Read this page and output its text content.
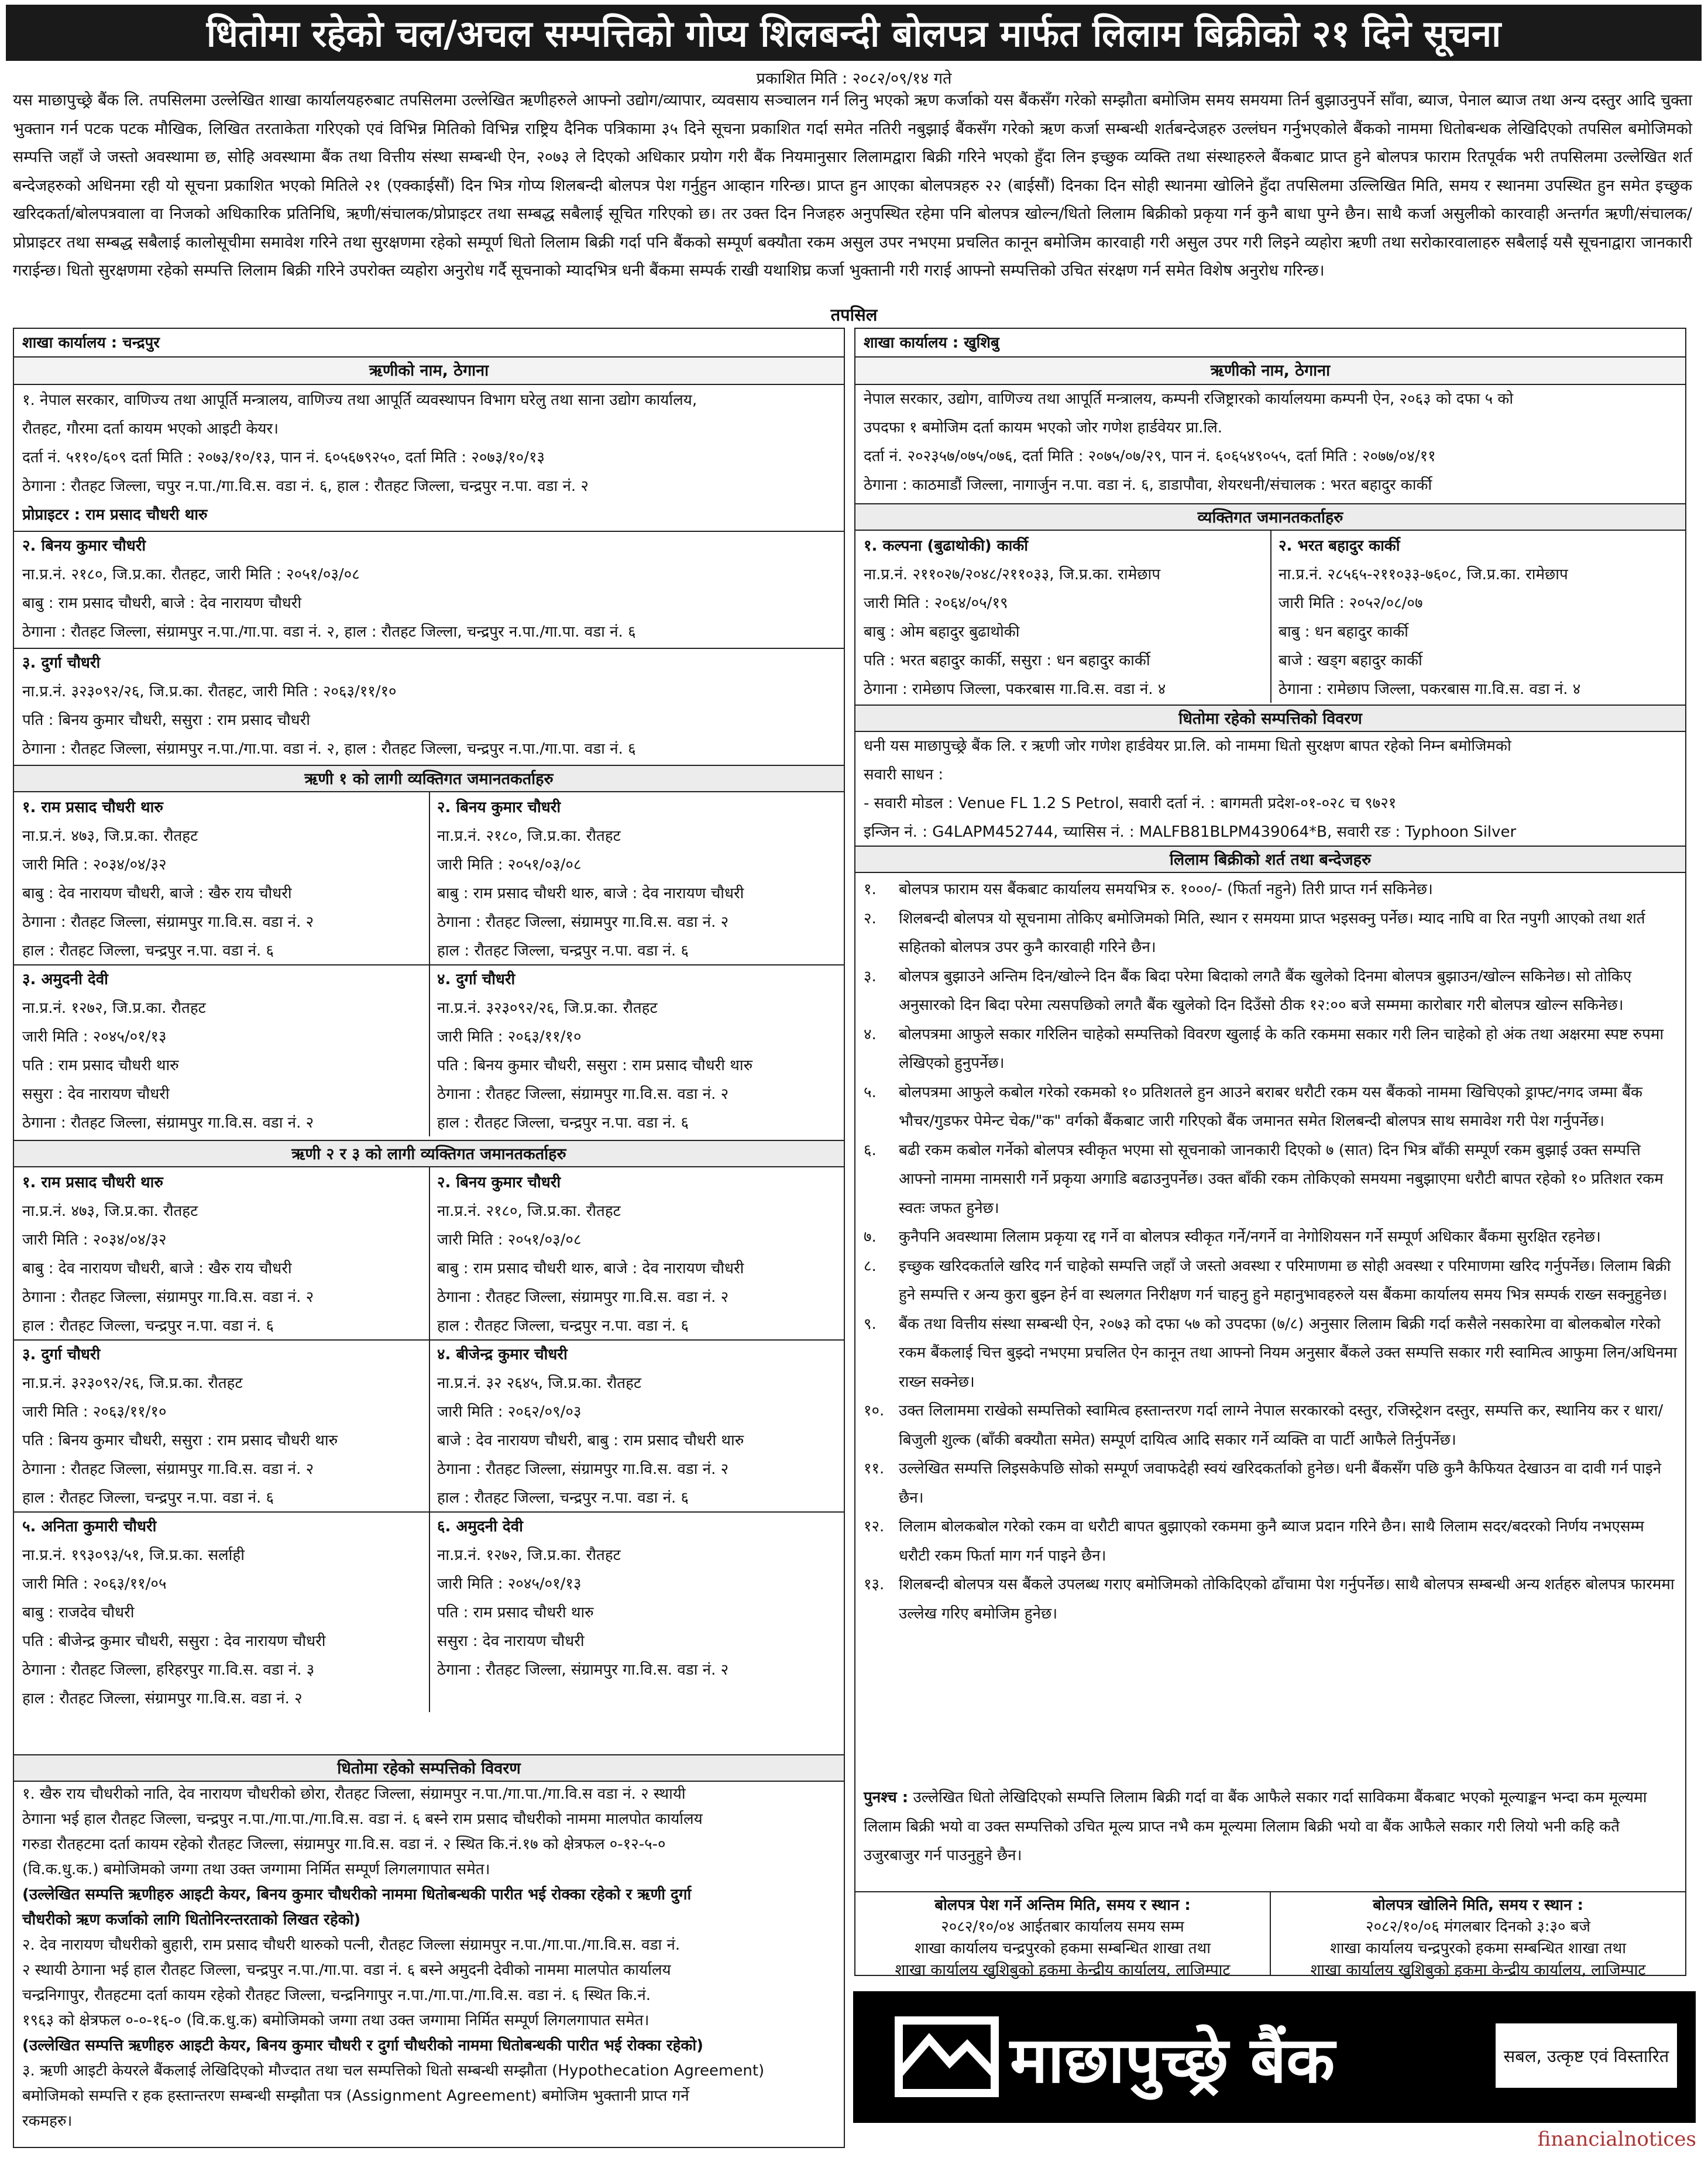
धितोमा रहेको चल/अचल सम्पत्तिको गोप्य शिलबन्दी बोलपत्र मार्फत लिलाम बिक्रीको २१ दिने सूचना
प्रकाशित मिति : २०८२/०९/१४ गते

यस माछापुच्छ्रे बैंक लि. तपसिलमा उल्लेखित शाखा कार्यालयहरुबाट तपसिलमा उल्लेखित ऋणीहरुले आफ्नो उद्योग/व्यापार, व्यवसाय सञ्चालन गर्न लिनु भएको ऋण कर्जाको यस बैंकसँग गरेको सम्झौता बमोजिम समय समयमा तिर्न बुझाउनुपर्ने साँवा, ब्याज, पेनाल ब्याज तथा अन्य दस्तुर आदि चुक्ता भुक्तान गर्न पटक पटक मौखिक, लिखित तरताकेता गरिएको एवं विभिन्न मितिको विभिन्न राष्ट्रिय दैनिक पत्रिकामा ३५ दिने सूचना प्रकाशित गर्दा समेत नतिरी नबुझाई बैंकसँग गरेको ऋण कर्जा सम्बन्धी शर्तबन्देजहरु उल्लंघन गर्नुभएकोले बैंकको नाममा धितोबन्धक लेखिदिएको तपसिल बमोजिमको सम्पत्ति जहाँ जे जस्तो अवस्थामा छ, सोहि अवस्थामा बैंक तथा वित्तीय संस्था सम्बन्धी ऐन, २०७३ ले दिएको अधिकार प्रयोग गरी बैंक नियमानुसार लिलामद्वारा बिक्री गरिने भएको हुँदा लिन इच्छुक व्यक्ति तथा संस्थाहरुले बैंकबाट प्राप्त हुने बोलपत्र फाराम रितपूर्वक भरी तपसिलमा उल्लेखित शर्त बन्देजहरुको अधिनमा रही यो सूचना प्रकाशित भएको मितिले २१ (एक्काईसौं) दिन भित्र गोप्य शिलबन्दी बोलपत्र पेश गर्नुहुन आव्हान गरिन्छ। प्राप्त हुन आएका बोलपत्रहरु २२ (बाईसौं) दिनका दिन सोही स्थानमा खोलिने हुँदा तपसिलमा उल्लिखित मिति, समय र स्थानमा उपस्थित हुन समेत इच्छुक खरिदकर्ता/बोलपत्रवाला वा निजको अधिकारिक प्रतिनिधि, ऋणी/संचालक/प्रोप्राइटर तथा सम्बद्ध सबैलाई सूचित गरिएको छ। तर उक्त दिन निजहरु अनुपस्थित रहेमा पनि बोलपत्र खोल्न/धितो लिलाम बिक्रीको प्रकृया गर्न कुनै बाधा पुग्ने छैन। साथै कर्जा असुलीको कारवाही अन्तर्गत ऋणी/संचालक/प्रोप्राइटर तथा सम्बद्ध सबैलाई कालोसूचीमा समावेश गरिने तथा सुरक्षणमा रहेको सम्पूर्ण धितो लिलाम बिक्री गर्दा पनि बैंकको सम्पूर्ण बक्यौता रकम असुल उपर नभएमा प्रचलित कानून बमोजिम कारवाही गरी असुल उपर गरी लिइने व्यहोरा ऋणी तथा सरोकारवालाहरु सबैलाई यसै सूचनाद्वारा जानकारी गराईन्छ। धितो सुरक्षणमा रहेको सम्पत्ति लिलाम बिक्री गरिने उपरोक्त व्यहोरा अनुरोध गर्दै सूचनाको म्यादभित्र धनी बैंकमा सम्पर्क राखी यथाशिघ्र कर्जा भुक्तानी गरी गराई आफ्नो सम्पत्तिको उचित संरक्षण गर्न समेत विशेष अनुरोध गरिन्छ।

तपसिल
शाखा कार्यालय : चन्द्रपुर
ऋणीको नाम, ठेगाना
१. नेपाल सरकार, वाणिज्य तथा आपूर्ति मन्त्रालय, वाणिज्य तथा आपूर्ति व्यवस्थापन विभाग घरेलु तथा साना उद्योग कार्यालय,
रौतहट, गौरमा दर्ता कायम भएको आइटी केयर।
दर्ता नं. ५११०/६०९ दर्ता मिति : २०७३/१०/१३, पान नं. ६०५६७९२५०, दर्ता मिति : २०७३/१०/१३
ठेगाना : रौतहट जिल्ला, चपुर न.पा./गा.वि.स. वडा नं. ६, हाल : रौतहट जिल्ला, चन्द्रपुर न.पा. वडा नं. २
प्रोप्राइटर : राम प्रसाद चौधरी थारु
२. बिनय कुमार चौधरी
ना.प्र.नं. २१८०, जि.प्र.का. रौतहट, जारी मिति : २०५१/०३/०८
बाबु : राम प्रसाद चौधरी, बाजे : देव नारायण चौधरी
ठेगाना : रौतहट जिल्ला, संग्रामपुर न.पा./गा.पा. वडा नं. २, हाल : रौतहट जिल्ला, चन्द्रपुर न.पा./गा.पा. वडा नं. ६
३. दुर्गा चौधरी
ना.प्र.नं. ३२३०९२/२६, जि.प्र.का. रौतहट, जारी मिति : २०६३/११/१०
पति : बिनय कुमार चौधरी, ससुरा : राम प्रसाद चौधरी
ठेगाना : रौतहट जिल्ला, संग्रामपुर न.पा./गा.पा. वडा नं. २, हाल : रौतहट जिल्ला, चन्द्रपुर न.पा./गा.पा. वडा नं. ६
ऋणी १ को लागी व्यक्तिगत जमानतकर्ताहरु
१. राम प्रसाद चौधरी थारु
ना.प्र.नं. ४७३, जि.प्र.का. रौतहट
जारी मिति : २०३४/०४/३२
बाबु : देव नारायण चौधरी, बाजे : खैरु राय चौधरी
ठेगाना : रौतहट जिल्ला, संग्रामपुर गा.वि.स. वडा नं. २
हाल : रौतहट जिल्ला, चन्द्रपुर न.पा. वडा नं. ६
२. बिनय कुमार चौधरी
ना.प्र.नं. २१८०, जि.प्र.का. रौतहट
जारी मिति : २०५१/०३/०८
बाबु : राम प्रसाद चौधरी थारु, बाजे : देव नारायण चौधरी
ठेगाना : रौतहट जिल्ला, संग्रामपुर गा.वि.स. वडा नं. २
हाल : रौतहट जिल्ला, चन्द्रपुर न.पा. वडा नं. ६
३. अमुदनी देवी
ना.प्र.नं. १२७२, जि.प्र.का. रौतहट
जारी मिति : २०४५/०१/१३
पति : राम प्रसाद चौधरी थारु
ससुरा : देव नारायण चौधरी
ठेगाना : रौतहट जिल्ला, संग्रामपुर गा.वि.स. वडा नं. २
४. दुर्गा चौधरी
ना.प्र.नं. ३२३०९२/२६, जि.प्र.का. रौतहट
जारी मिति : २०६३/११/१०
पति : बिनय कुमार चौधरी, ससुरा : राम प्रसाद चौधरी थारु
ठेगाना : रौतहट जिल्ला, संग्रामपुर गा.वि.स. वडा नं. २
हाल : रौतहट जिल्ला, चन्द्रपुर न.पा. वडा नं. ६
ऋणी २ र ३ को लागी व्यक्तिगत जमानतकर्ताहरु
१. राम प्रसाद चौधरी थारु
ना.प्र.नं. ४७३, जि.प्र.का. रौतहट
जारी मिति : २०३४/०४/३२
बाबु : देव नारायण चौधरी, बाजे : खैरु राय चौधरी
ठेगाना : रौतहट जिल्ला, संग्रामपुर गा.वि.स. वडा नं. २
हाल : रौतहट जिल्ला, चन्द्रपुर न.पा. वडा नं. ६
२. बिनय कुमार चौधरी
ना.प्र.नं. २१८०, जि.प्र.का. रौतहट
जारी मिति : २०५१/०३/०८
बाबु : राम प्रसाद चौधरी थारु, बाजे : देव नारायण चौधरी
ठेगाना : रौतहट जिल्ला, संग्रामपुर गा.वि.स. वडा नं. २
हाल : रौतहट जिल्ला, चन्द्रपुर न.पा. वडा नं. ६
३. दुर्गा चौधरी
ना.प्र.नं. ३२३०९२/२६, जि.प्र.का. रौतहट
जारी मिति : २०६३/११/१०
पति : बिनय कुमार चौधरी, ससुरा : राम प्रसाद चौधरी थारु
ठेगाना : रौतहट जिल्ला, संग्रामपुर गा.वि.स. वडा नं. २
हाल : रौतहट जिल्ला, चन्द्रपुर न.पा. वडा नं. ६
४. बीजेन्द्र कुमार चौधरी
ना.प्र.नं. ३२ २६४५, जि.प्र.का. रौतहट
जारी मिति : २०६२/०९/०३
बाजे : देव नारायण चौधरी, बाबु : राम प्रसाद चौधरी थारु
ठेगाना : रौतहट जिल्ला, संग्रामपुर गा.वि.स. वडा नं. २
हाल : रौतहट जिल्ला, चन्द्रपुर न.पा. वडा नं. ६
५. अनिता कुमारी चौधरी
ना.प्र.नं. १९३०९३/५१, जि.प्र.का. सर्लाही
जारी मिति : २०६३/११/०५
बाबु : राजदेव चौधरी
पति : बीजेन्द्र कुमार चौधरी, ससुरा : देव नारायण चौधरी
ठेगाना : रौतहट जिल्ला, हरिहरपुर गा.वि.स. वडा नं. ३
हाल : रौतहट जिल्ला, संग्रामपुर गा.वि.स. वडा नं. २
६. अमुदनी देवी
ना.प्र.नं. १२७२, जि.प्र.का. रौतहट
जारी मिति : २०४५/०१/१३
पति : राम प्रसाद चौधरी थारु
ससुरा : देव नारायण चौधरी
ठेगाना : रौतहट जिल्ला, संग्रामपुर गा.वि.स. वडा नं. २
धितोमा रहेको सम्पत्तिको विवरण
१. खैरु राय चौधरीको नाति, देव नारायण चौधरीको छोरा, रौतहट जिल्ला, संग्रामपुर न.पा./गा.पा./गा.वि.स वडा नं. २ स्थायी
ठेगाना भई हाल रौतहट जिल्ला, चन्द्रपुर न.पा./गा.पा./गा.वि.स. वडा नं. ६ बस्ने राम प्रसाद चौधरीको नाममा मालपोत कार्यालय
गरुडा रौतहटमा दर्ता कायम रहेको रौतहट जिल्ला, संग्रामपुर गा.वि.स. वडा नं. २ स्थित कि.नं.१७ को क्षेत्रफल ०-१२-५-०
(वि.क.धु.क.) बमोजिमको जग्गा तथा उक्त जग्गामा निर्मित सम्पूर्ण लिगलगापात समेत।
(उल्लेखित सम्पत्ति ऋणीहरु आइटी केयर, बिनय कुमार चौधरीको नाममा धितोबन्धकी पारीत भई रोक्का रहेको र ऋणी दुर्गा
चौधरीको ऋण कर्जाको लागि धितोनिरन्तरताको लिखत रहेको)
२. देव नारायण चौधरीको बुहारी, राम प्रसाद चौधरी थारुको पत्नी, रौतहट जिल्ला संग्रामपुर न.पा./गा.पा./गा.वि.स. वडा नं.
२ स्थायी ठेगाना भई हाल रौतहट जिल्ला, चन्द्रपुर न.पा./गा.पा. वडा नं. ६ बस्ने अमुदनी देवीको नाममा मालपोत कार्यालय
चन्द्रनिगापुर, रौतहटमा दर्ता कायम रहेको रौतहट जिल्ला, चन्द्रनिगापुर न.पा./गा.पा./गा.वि.स. वडा नं. ६ स्थित कि.नं.
१९६३ को क्षेत्रफल ०-०-१६-० (वि.क.धु.क) बमोजिमको जग्गा तथा उक्त जग्गामा निर्मित सम्पूर्ण लिगलगापात समेत।
(उल्लेखित सम्पत्ति ऋणीहरु आइटी केयर, बिनय कुमार चौधरी र दुर्गा चौधरीको नाममा धितोबन्धकी पारीत भई रोक्का रहेको)
३. ऋणी आइटी केयरले बैंकलाई लेखिदिएको मौज्दात तथा चल सम्पत्तिको धितो सम्बन्धी सम्झौता (Hypothecation Agreement)
बमोजिमको सम्पत्ति र हक हस्तान्तरण सम्बन्धी सम्झौता पत्र (Assignment Agreement) बमोजिम भुक्तानी प्राप्त गर्ने
रकमहरु।
शाखा कार्यालय : खुशिबु
ऋणीको नाम, ठेगाना
नेपाल सरकार, उद्योग, वाणिज्य तथा आपूर्ति मन्त्रालय, कम्पनी रजिष्ट्रारको कार्यालयमा कम्पनी ऐन, २०६३ को दफा ५ को
उपदफा १ बमोजिम दर्ता कायम भएको जोर गणेश हार्डवेयर प्रा.लि.
दर्ता नं. २०२३५७/०७५/०७६, दर्ता मिति : २०७५/०७/२९, पान नं. ६०६५४९०५५, दर्ता मिति : २०७७/०४/११
ठेगाना : काठमाडौं जिल्ला, नागार्जुन न.पा. वडा नं. ६, डाडापौवा, शेयरधनी/संचालक : भरत बहादुर कार्की
व्यक्तिगत जमानतकर्ताहरु
१. कल्पना (बुढाथोकी) कार्की
ना.प्र.नं. २११०२७/२०४८/२११०३३, जि.प्र.का. रामेछाप
जारी मिति : २०६४/०५/१९
बाबु : ओम बहादुर बुढाथोकी
पति : भरत बहादुर कार्की, ससुरा : धन बहादुर कार्की
ठेगाना : रामेछाप जिल्ला, पकरबास गा.वि.स. वडा नं. ४
२. भरत बहादुर कार्की
ना.प्र.नं. २८५६५-२११०३३-७६०८, जि.प्र.का. रामेछाप
जारी मिति : २०५२/०८/०७
बाबु : धन बहादुर कार्की
बाजे : खड्ग बहादुर कार्की
ठेगाना : रामेछाप जिल्ला, पकरबास गा.वि.स. वडा नं. ४
धितोमा रहेको सम्पत्तिको विवरण
धनी यस माछापुच्छ्रे बैंक लि. र ऋणी जोर गणेश हार्डवेयर प्रा.लि. को नाममा धितो सुरक्षण बापत रहेको निम्न बमोजिमको
सवारी साधन :
- सवारी मोडल : Venue FL 1.2 S Petrol, सवारी दर्ता नं. : बागमती प्रदेश-०१-०२८ च ९७२१
इन्जिन नं. : G4LAPM452744, च्यासिस नं. : MALFB81BLPM439064*B, सवारी रङ : Typhoon Silver
लिलाम बिक्रीको शर्त तथा बन्देजहरु
१.	बोलपत्र फाराम यस बैंकबाट कार्यालय समयभित्र रु. १०००/- (फिर्ता नहुने) तिरी प्राप्त गर्न सकिनेछ।
२.	शिलबन्दी बोलपत्र यो सूचनामा तोकिए बमोजिमको मिति, स्थान र समयमा प्राप्त भइसक्नु पर्नेछ। म्याद नाघि वा रित नपुगी आएको तथा शर्त सहितको बोलपत्र उपर कुनै कारवाही गरिने छैन।
३.	बोलपत्र बुझाउने अन्तिम दिन/खोल्ने दिन बैंक बिदा परेमा बिदाको लगतै बैंक खुलेको दिनमा बोलपत्र बुझाउन/खोल्न सकिनेछ। सो तोकिए अनुसारको दिन बिदा परेमा त्यसपछिको लगतै बैंक खुलेको दिन दिउँसो ठीक १२:०० बजे सम्ममा कारोबार गरी बोलपत्र खोल्न सकिनेछ।
४.	बोलपत्रमा आफुले सकार गरिलिन चाहेको सम्पत्तिको विवरण खुलाई के कति रकममा सकार गरी लिन चाहेको हो अंक तथा अक्षरमा स्पष्ट रुपमा लेखिएको हुनुपर्नेछ।
५.	बोलपत्रमा आफुले कबोल गरेको रकमको १० प्रतिशतले हुन आउने बराबर धरौटी रकम यस बैंकको नाममा खिचिएको ड्राफ्ट/नगद जम्मा बैंक भौचर/गुडफर पेमेन्ट चेक/"क" वर्गको बैंकबाट जारी गरिएको बैंक जमानत समेत शिलबन्दी बोलपत्र साथ समावेश गरी पेश गर्नुपर्नेछ।
६.	बढी रकम कबोल गर्नेको बोलपत्र स्वीकृत भएमा सो सूचनाको जानकारी दिएको ७ (सात) दिन भित्र बाँकी सम्पूर्ण रकम बुझाई उक्त सम्पत्ति आफ्नो नाममा नामसारी गर्ने प्रकृया अगाडि बढाउनुपर्नेछ। उक्त बाँकी रकम तोकिएको समयमा नबुझाएमा धरौटी बापत रहेको १० प्रतिशत रकम स्वतः जफत हुनेछ।
७.	कुनैपनि अवस्थामा लिलाम प्रकृया रद्द गर्ने वा बोलपत्र स्वीकृत गर्ने/नगर्ने वा नेगोशियसन गर्ने सम्पूर्ण अधिकार बैंकमा सुरक्षित रहनेछ।
८.	इच्छुक खरिदकर्ताले खरिद गर्न चाहेको सम्पत्ति जहाँ जे जस्तो अवस्था र परिमाणमा छ सोही अवस्था र परिमाणमा खरिद गर्नुपर्नेछ। लिलाम बिक्री हुने सम्पत्ति र अन्य कुरा बुझ्न हेर्न वा स्थलगत निरीक्षण गर्न चाहनु हुने महानुभावहरुले यस बैंकमा कार्यालय समय भित्र सम्पर्क राख्न सक्नुहुनेछ।
९.	बैंक तथा वित्तीय संस्था सम्बन्धी ऐन, २०७३ को दफा ५७ को उपदफा (७/८) अनुसार लिलाम बिक्री गर्दा कसैले नसकारेमा वा बोलकबोल गरेको रकम बैंकलाई चित्त बुझ्दो नभएमा प्रचलित ऐन कानून तथा आफ्नो नियम अनुसार बैंकले उक्त सम्पत्ति सकार गरी स्वामित्व आफुमा लिन/अधिनमा राख्न सक्नेछ।
१०. उक्त लिलाममा राखेको सम्पत्तिको स्वामित्व हस्तान्तरण गर्दा लाग्ने नेपाल सरकारको दस्तुर, रजिस्ट्रेशन दस्तुर, सम्पत्ति कर, स्थानिय कर र धारा/बिजुली शुल्क (बाँकी बक्यौता समेत) सम्पूर्ण दायित्व आदि सकार गर्ने व्यक्ति वा पार्टी आफैले तिर्नुपर्नेछ।
११. उल्लेखित सम्पत्ति लिइसकेपछि सोको सम्पूर्ण जवाफदेही स्वयं खरिदकर्ताको हुनेछ। धनी बैंकसँग पछि कुनै कैफियत देखाउन वा दावी गर्न पाइने छैन।
१२. लिलाम बोलकबोल गरेको रकम वा धरौटी बापत बुझाएको रकममा कुनै ब्याज प्रदान गरिने छैन। साथै लिलाम सदर/बदरको निर्णय नभएसम्म धरौटी रकम फिर्ता माग गर्न पाइने छैन।
१३. शिलबन्दी बोलपत्र यस बैंकले उपलब्ध गराए बमोजिमको तोकिदिएको ढाँचामा पेश गर्नुपर्नेछ। साथै बोलपत्र सम्बन्धी अन्य शर्तहरु बोलपत्र फारममा उल्लेख गरिए बमोजिम हुनेछ।
पुनश्च : उल्लेखित धितो लेखिदिएको सम्पत्ति लिलाम बिक्री गर्दा वा बैंक आफैले सकार गर्दा साविकमा बैंकबाट भएको मूल्याङ्कन भन्दा कम मूल्यमा लिलाम बिक्री भयो वा उक्त सम्पत्तिको उचित मूल्य प्राप्त नभै कम मूल्यमा लिलाम बिक्री भयो वा बैंक आफैले सकार गरी लियो भनी कहि कतै उजुरबाजुर गर्न पाउनुहुने छैन।
बोलपत्र पेश गर्ने अन्तिम मिति, समय र स्थान :
२०८२/१०/०४ आईतबार कार्यालय समय सम्म
शाखा कार्यालय चन्द्रपुरको हकमा सम्बन्धित शाखा तथा
शाखा कार्यालय खुशिबुको हकमा केन्द्रीय कार्यालय, लाजिम्पाट
बोलपत्र खोलिने मिति, समय र स्थान :
२०८२/१०/०६ मंगलबार दिनको ३:३० बजे
शाखा कार्यालय चन्द्रपुरको हकमा सम्बन्धित शाखा तथा
शाखा कार्यालय खुशिबुको हकमा केन्द्रीय कार्यालय, लाजिम्पाट
माछापुच्छ्रे बैंक	सबल, उत्कृष्ट एवं विस्तारित
financialnotices
